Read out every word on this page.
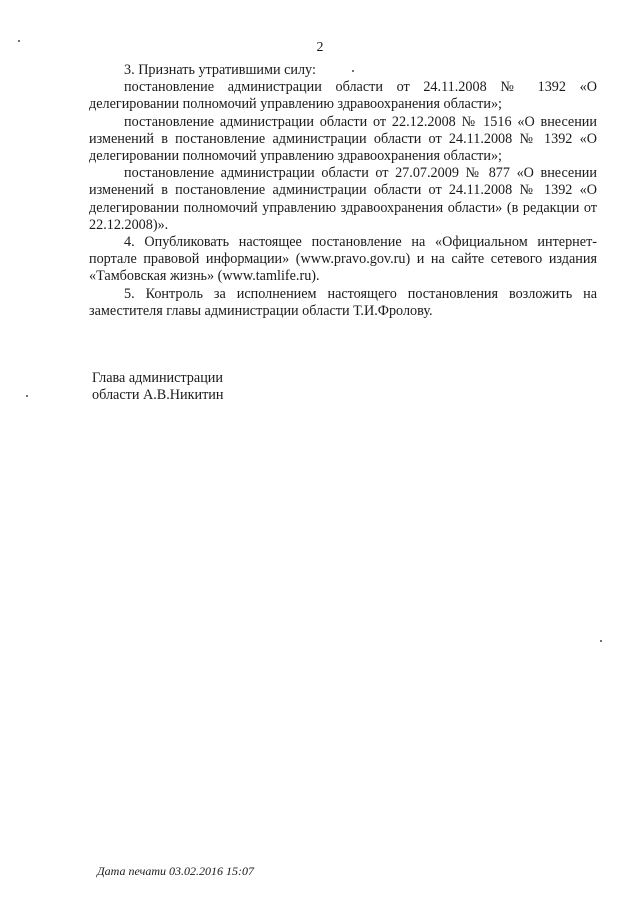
2

3. Признать утратившими силу:

постановление администрации области от 24.11.2008 № 1392 «О делегировании полномочий управлению здравоохранения области»;

постановление администрации области от 22.12.2008 № 1516 «О внесении изменений в постановление администрации области от 24.11.2008 № 1392 «О делегировании полномочий управлению здравоохранения области»;

постановление администрации области от 27.07.2009 № 877 «О внесении изменений в постановление администрации области от 24.11.2008 № 1392 «О делегировании полномочий управлению здравоохранения области» (в редакции от 22.12.2008)».

4. Опубликовать настоящее постановление на «Официальном интернет-портале правовой информации» (www.pravo.gov.ru) и на сайте сетевого издания «Тамбовская жизнь» (www.tamlife.ru).

5. Контроль за исполнением настоящего постановления возложить на заместителя главы администрации области Т.И.Фролову.

Глава администрации
области А.В.Никитин
Дата печати 03.02.2016 15:07
